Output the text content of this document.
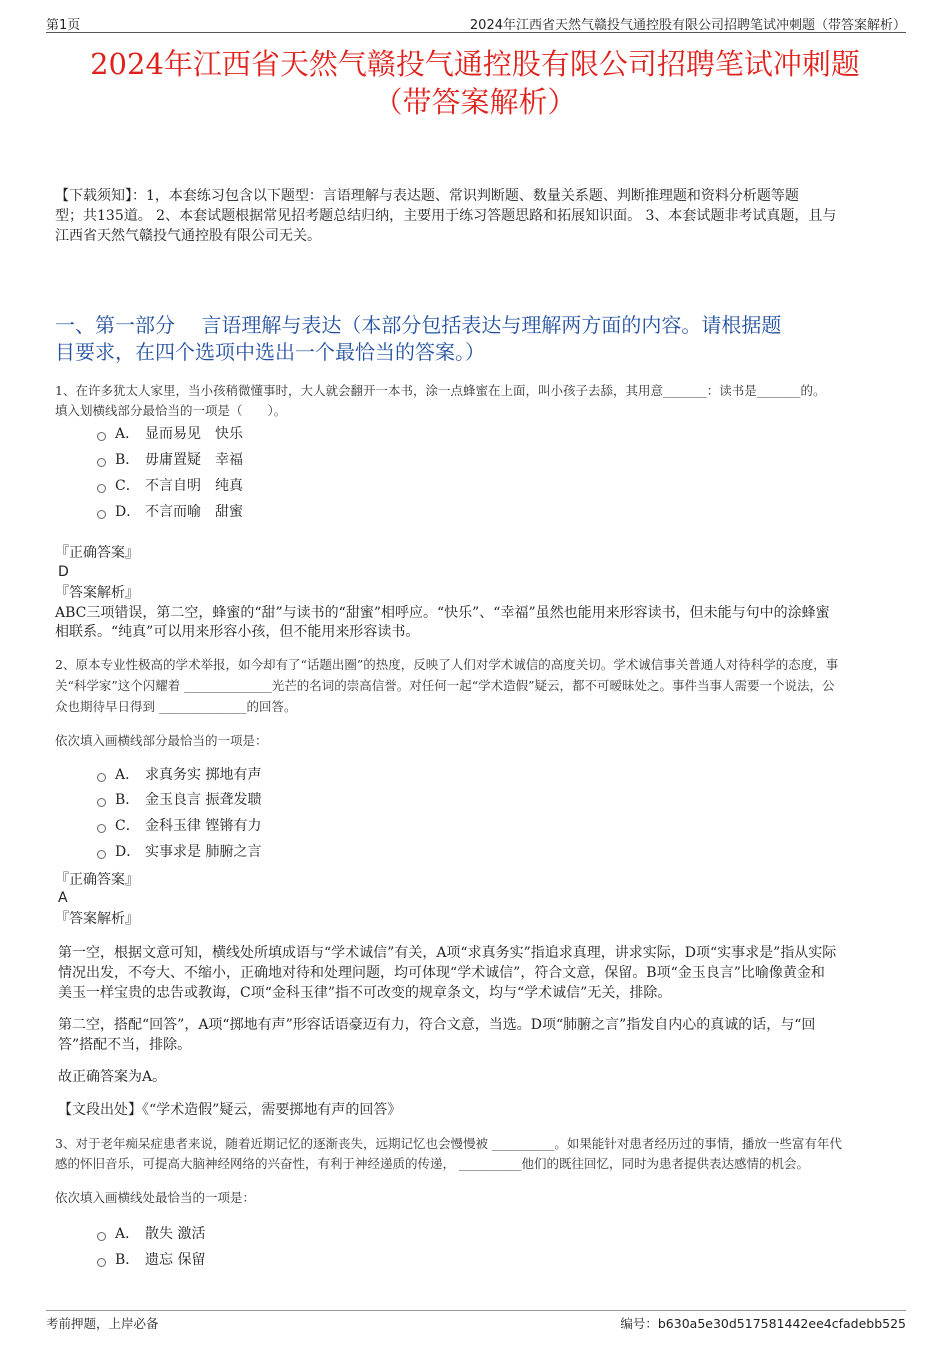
第1页	2024年江西省天然气赣投气通控股有限公司招聘笔试冲刺题（带答案解析）
2024年江西省天然气赣投气通控股有限公司招聘笔试冲刺题
（带答案解析）
【下载须知】：1，本套练习包含以下题型：言语理解与表达题、常识判断题、数量关系题、判断推理题和资料分析题等题
型；共135道。 2、本套试题根据常见招考题总结归纳，主要用于练习答题思路和拓展知识面。 3、本套试题非考试真题，且与
江西省天然气赣投气通控股有限公司无关。
一、第一部分　 言语理解与表达（本部分包括表达与理解两方面的内容。请根据题
目要求，在四个选项中选出一个最恰当的答案。）
1、在许多犹太人家里，当小孩稍微懂事时，大人就会翻开一本书，涂一点蜂蜜在上面，叫小孩子去舔，其用意_______：读书是_______的。
填入划横线部分最恰当的一项是（　　）。
A． 显而易见　快乐
B． 毋庸置疑　幸福
C． 不言自明　纯真
D． 不言而喻　甜蜜
『正确答案』
D
『答案解析』
ABC三项错误，第二空，蜂蜜的“甜”与读书的“甜蜜”相呼应。“快乐”、“幸福”虽然也能用来形容读书，但未能与句中的涂蜂蜜
相联系。“纯真”可以用来形容小孩，但不能用来形容读书。
2、原本专业性极高的学术举报，如今却有了“话题出圈”的热度，反映了人们对学术诚信的高度关切。学术诚信事关普通人对待科学的态度，事
关“科学家”这个闪耀着 ______________光芒的名词的崇高信誉。对任何一起“学术造假”疑云，都不可暧昧处之。事件当事人需要一个说法，公
众也期待早日得到 ______________的回答。
依次填入画横线部分最恰当的一项是：
A． 求真务实 掷地有声
B． 金玉良言 振聋发聩
C． 金科玉律 铿锵有力
D． 实事求是 肺腑之言
『正确答案』
A
『答案解析』
第一空，根据文意可知，横线处所填成语与“学术诚信”有关，A项“求真务实”指追求真理，讲求实际，D项“实事求是”指从实际
情况出发，不夸大、不缩小，正确地对待和处理问题，均可体现“学术诚信”，符合文意，保留。B项“金玉良言”比喻像黄金和
美玉一样宝贵的忠告或教诲，C项“金科玉律”指不可改变的规章条文，均与“学术诚信”无关，排除。
第二空，搭配“回答”，A项“掷地有声”形容话语豪迈有力，符合文意，当选。D项“肺腑之言”指发自内心的真诚的话，与“回
答”搭配不当，排除。
故正确答案为A。
【文段出处】《“学术造假”疑云，需要掷地有声的回答》
3、对于老年痴呆症患者来说，随着近期记忆的逐渐丧失，远期记忆也会慢慢被 __________。如果能针对患者经历过的事情，播放一些富有年代
感的怀旧音乐，可提高大脑神经网络的兴奋性，有利于神经递质的传递， __________他们的既往回忆，同时为患者提供表达感情的机会。
依次填入画横线处最恰当的一项是：
A． 散失 激活
B． 遗忘 保留
考前押题，上岸必备	编号：b630a5e30d517581442ee4cfadebb525
